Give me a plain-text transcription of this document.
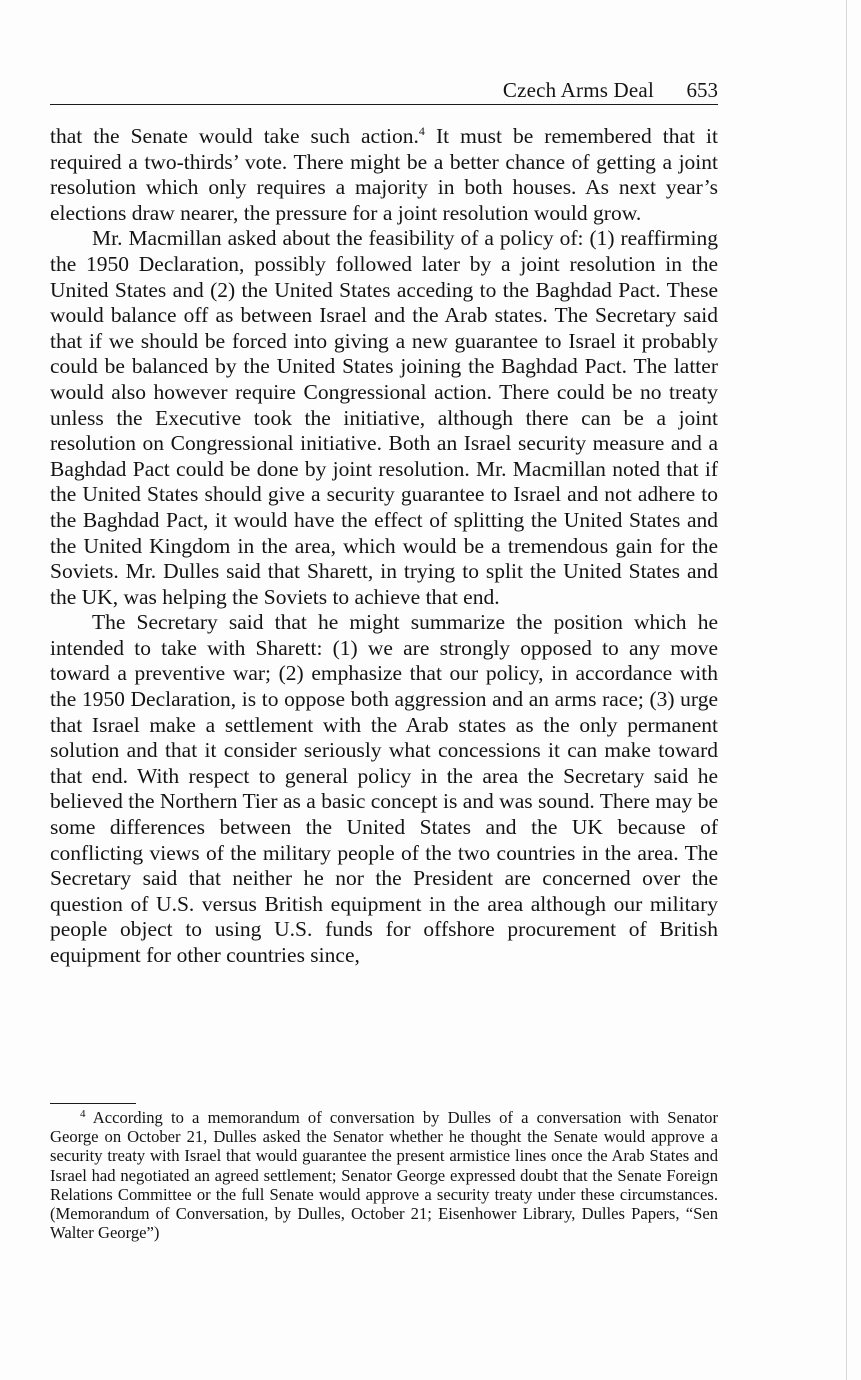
Czech Arms Deal 653

that the Senate would take such action.$^4$ It must be remembered that it required a two-thirds’ vote. There might be a better chance of getting a joint resolution which only requires a majority in both houses. As next year’s elections draw nearer, the pressure for a joint resolution would grow.

Mr. Macmillan asked about the feasibility of a policy of: (1) reaffirming the 1950 Declaration, possibly followed later by a joint resolution in the United States and (2) the United States acceding to the Baghdad Pact. These would balance off as between Israel and the Arab states. The Secretary said that if we should be forced into giving a new guarantee to Israel it probably could be balanced by the United States joining the Baghdad Pact. The latter would also however require Congressional action. There could be no treaty unless the Executive took the initiative, although there can be a joint resolution on Congressional initiative. Both an Israel security measure and a Baghdad Pact could be done by joint resolution. Mr. Macmillan noted that if the United States should give a security guarantee to Israel and not adhere to the Baghdad Pact, it would have the effect of splitting the United States and the United Kingdom in the area, which would be a tremendous gain for the Soviets. Mr. Dulles said that Sharett, in trying to split the United States and the UK, was helping the Soviets to achieve that end.

The Secretary said that he might summarize the position which he intended to take with Sharett: (1) we are strongly opposed to any move toward a preventive war; (2) emphasize that our policy, in accordance with the 1950 Declaration, is to oppose both aggression and an arms race; (3) urge that Israel make a settlement with the Arab states as the only permanent solution and that it consider seriously what concessions it can make toward that end. With respect to general policy in the area the Secretary said he believed the Northern Tier as a basic concept is and was sound. There may be some differences between the United States and the UK because of conflicting views of the military people of the two countries in the area. The Secretary said that neither he nor the President are concerned over the question of U.S. versus British equipment in the area although our military people object to using U.S. funds for offshore procurement of British equipment for other countries since,

$^4$ According to a memorandum of conversation by Dulles of a conversation with Senator George on October 21, Dulles asked the Senator whether he thought the Senate would approve a security treaty with Israel that would guarantee the present armistice lines once the Arab States and Israel had negotiated an agreed settlement; Senator George expressed doubt that the Senate Foreign Relations Committee or the full Senate would approve a security treaty under these circumstances. (Memorandum of Conversation, by Dulles, October 21; Eisenhower Library, Dulles Papers, “Sen Walter George”)
